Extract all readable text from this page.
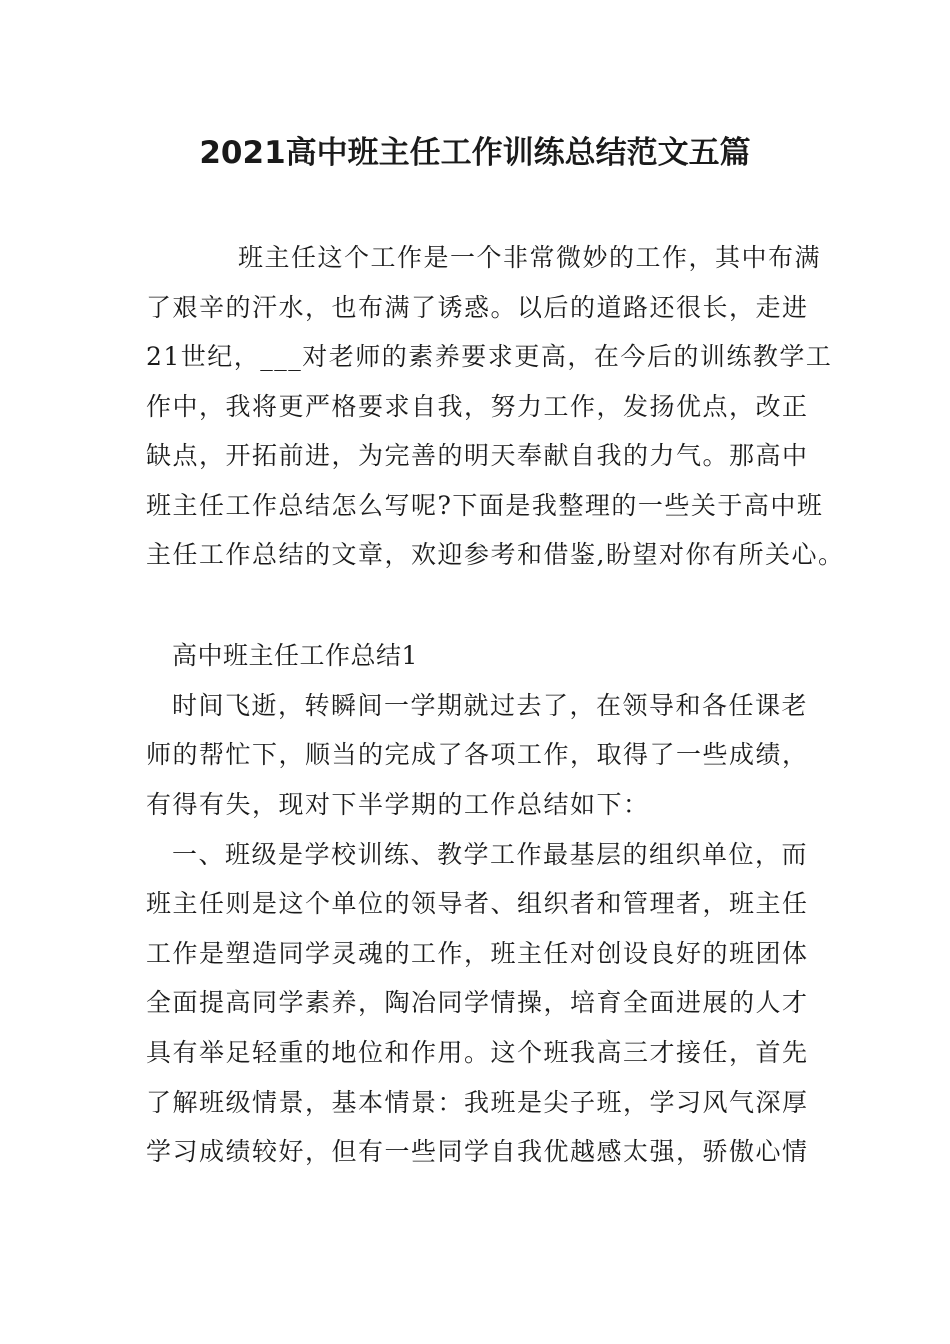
2021高中班主任工作训练总结范文五篇

班主任这个工作是一个非常微妙的工作，其中布满

了艰辛的汗水，也布满了诱惑。以后的道路还很长，走进

21世纪，___对老师的素养要求更高，在今后的训练教学工

作中，我将更严格要求自我，努力工作，发扬优点，改正

缺点，开拓前进，为完善的明天奉献自我的力气。那高中

班主任工作总结怎么写呢?下面是我整理的一些关于高中班

主任工作总结的文章，欢迎参考和借鉴,盼望对你有所关心。

高中班主任工作总结1

时间飞逝，转瞬间一学期就过去了，在领导和各任课老

师的帮忙下，顺当的完成了各项工作，取得了一些成绩，

有得有失，现对下半学期的工作总结如下：

一、班级是学校训练、教学工作最基层的组织单位，而

班主任则是这个单位的领导者、组织者和管理者，班主任

工作是塑造同学灵魂的工作，班主任对创设良好的班团体

全面提高同学素养，陶冶同学情操，培育全面进展的人才

具有举足轻重的地位和作用。这个班我高三才接任，首先

了解班级情景，基本情景：我班是尖子班，学习风气深厚

学习成绩较好，但有一些同学自我优越感太强，骄傲心情
